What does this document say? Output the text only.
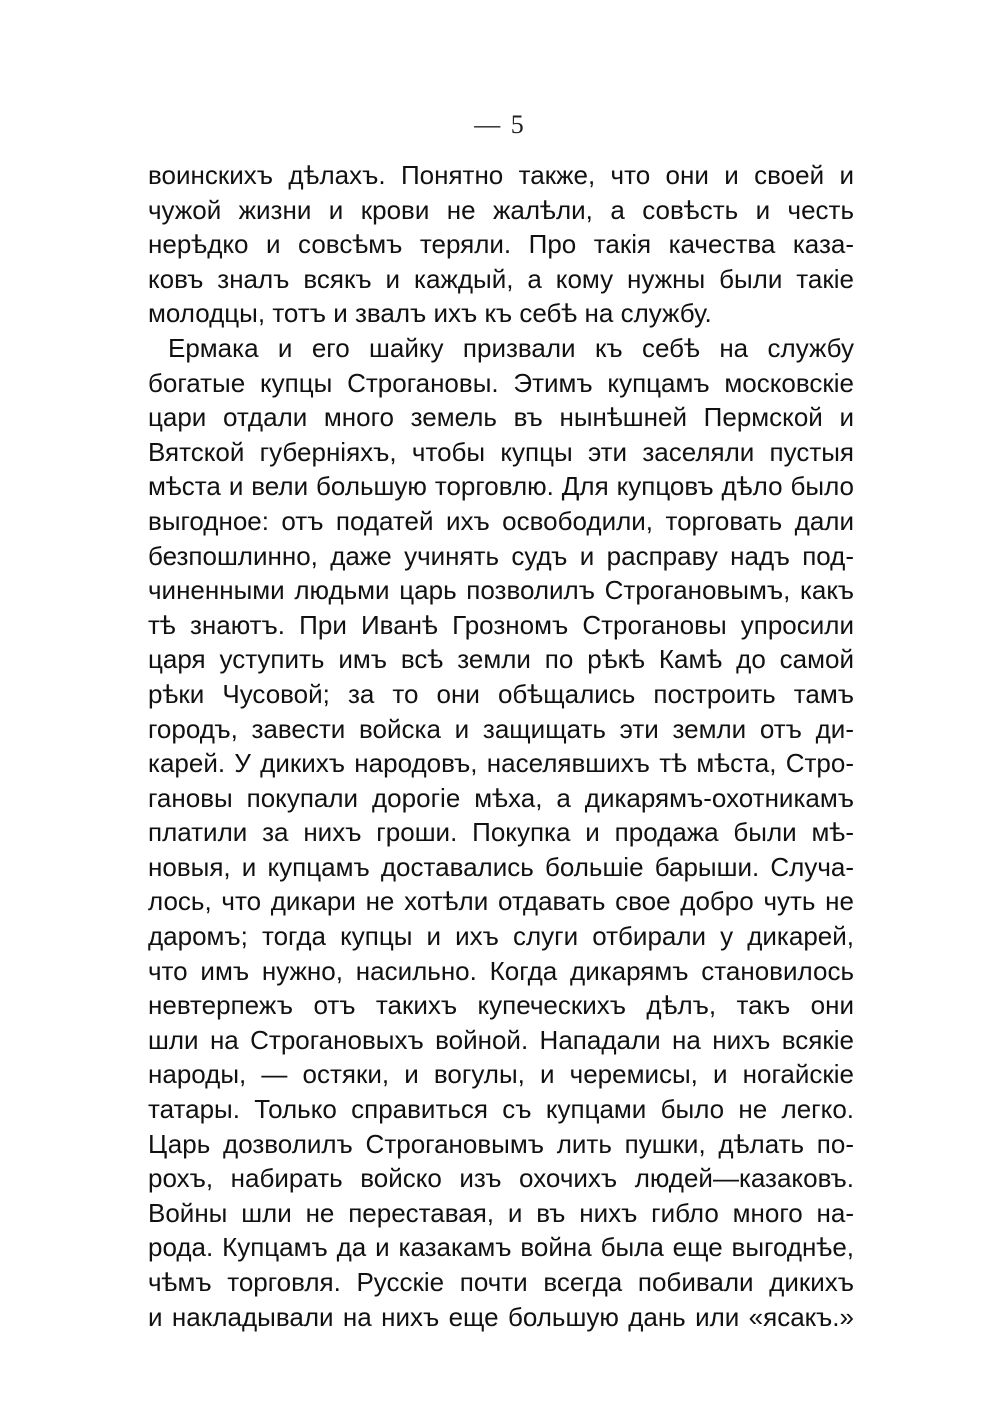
— 5
воинскихъ дѣлахъ. Понятно также, что они и своей и
чужой жизни и крови не жалѣли, а совѣсть и честь
нерѣдко и совсѣмъ теряли. Про такія качества каза-
ковъ зналъ всякъ и каждый, а кому нужны были такіе
молодцы, тотъ и звалъ ихъ къ себѣ на службу.
Ермака и его шайку призвали къ себѣ на службу
богатые купцы Строгановы. Этимъ купцамъ московскіе
цари отдали много земель въ нынѣшней Пермской и
Вятской губерніяхъ, чтобы купцы эти заселяли пустыя
мѣста и вели большую торговлю. Для купцовъ дѣло было
выгодное: отъ податей ихъ освободили, торговать дали
безпошлинно, даже учинять судъ и расправу надъ под-
чиненными людьми царь позволилъ Строгановымъ, какъ
тѣ знаютъ. При Иванѣ Грозномъ Строгановы упросили
царя уступить имъ всѣ земли по рѣкѣ Камѣ до самой
рѣки Чусовой; за то они обѣщались построить тамъ
городъ, завести войска и защищать эти земли отъ ди-
карей. У дикихъ народовъ, населявшихъ тѣ мѣста, Стро-
гановы покупали дорогіе мѣха, а дикарямъ-охотникамъ
платили за нихъ гроши. Покупка и продажа были мѣ-
новыя, и купцамъ доставались большіе барыши. Случа-
лось, что дикари не хотѣли отдавать свое добро чуть не
даромъ; тогда купцы и ихъ слуги отбирали у дикарей,
что имъ нужно, насильно. Когда дикарямъ становилось
невтерпежъ отъ такихъ купеческихъ дѣлъ, такъ они
шли на Строгановыхъ войной. Нападали на нихъ всякіе
народы, — остяки, и вогулы, и черемисы, и ногайскіе
татары. Только справиться съ купцами было не легко.
Царь дозволилъ Строгановымъ лить пушки, дѣлать по-
рохъ, набирать войско изъ охочихъ людей—казаковъ.
Войны шли не переставая, и въ нихъ гибло много на-
рода. Купцамъ да и казакамъ война была еще выгоднѣе,
чѣмъ торговля. Русскіе почти всегда побивали дикихъ
и накладывали на нихъ еще большую дань или «ясакъ.»
